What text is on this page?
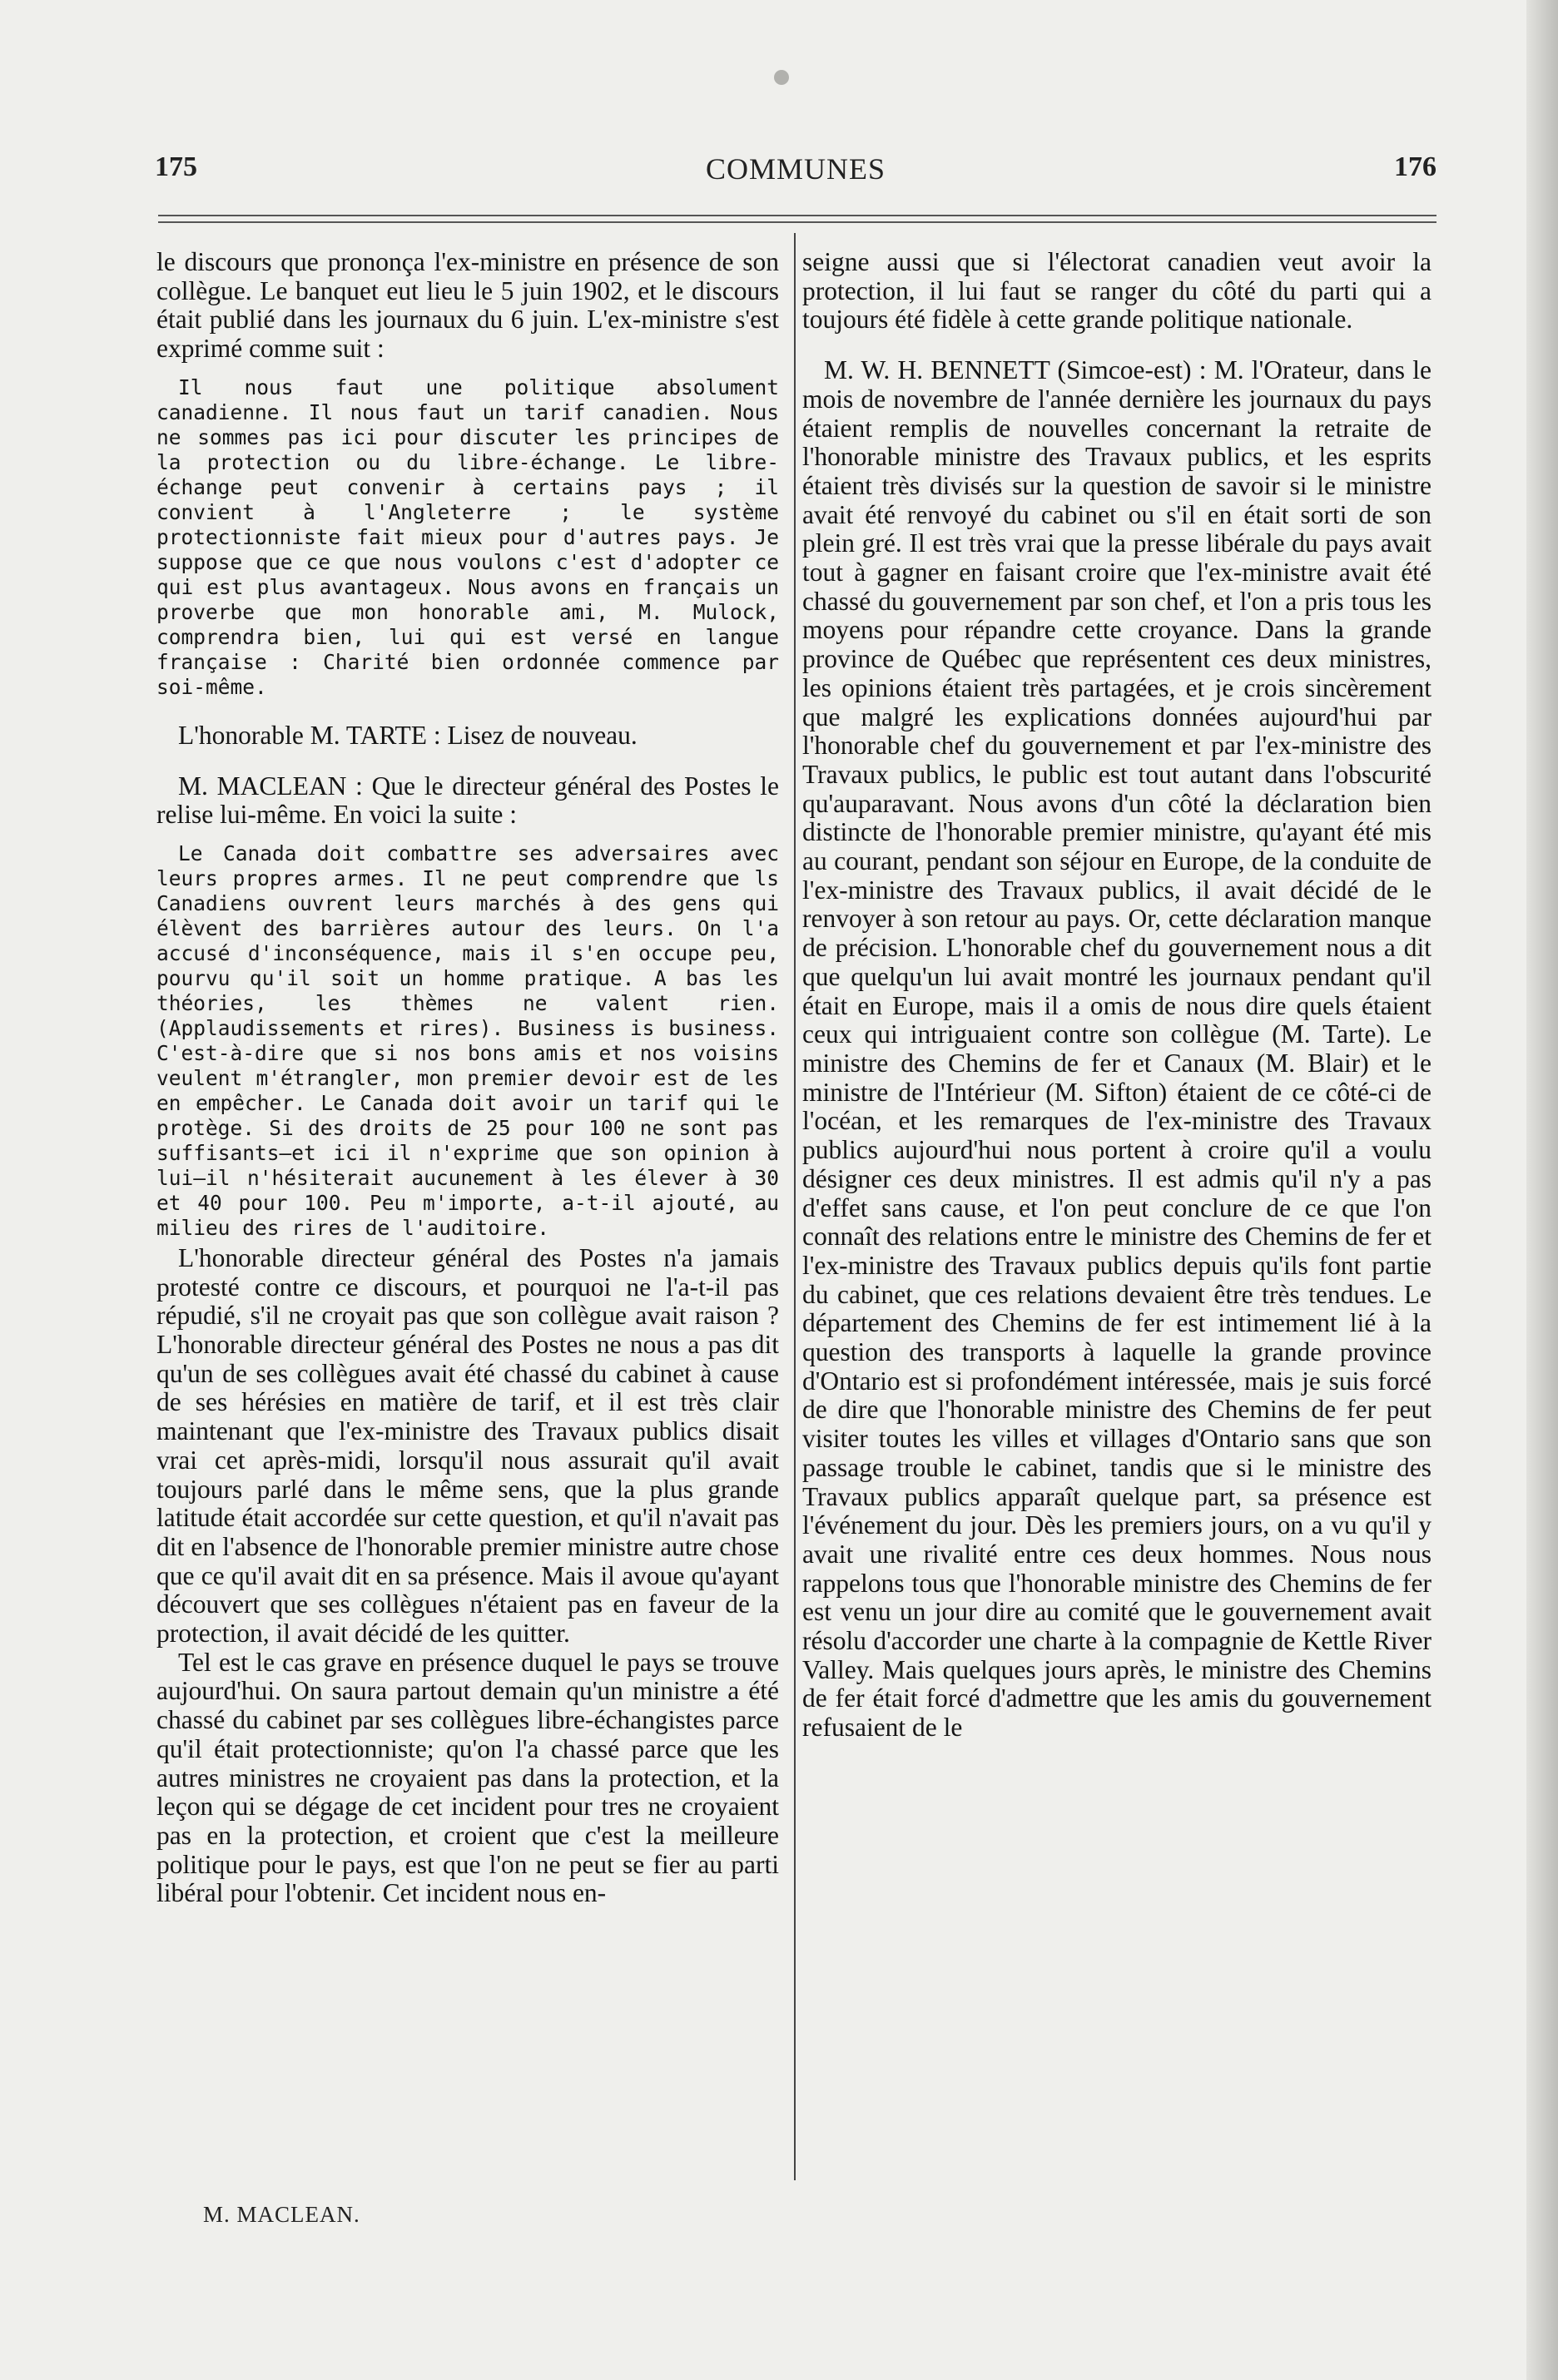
175	COMMUNES	176

le discours que prononça l'ex-ministre en présence de son collègue. Le banquet eut lieu le 5 juin 1902, et le discours était publié dans les journaux du 6 juin. L'ex-ministre s'est exprimé comme suit :

Il nous faut une politique absolument canadienne. Il nous faut un tarif canadien. Nous ne sommes pas ici pour discuter les principes de la protection ou du libre-échange. Le libre-échange peut convenir à certains pays ; il convient à l'Angleterre ; le système protectionniste fait mieux pour d'autres pays. Je suppose que ce que nous voulons c'est d'adopter ce qui est plus avantageux. Nous avons en français un proverbe que mon honorable ami, M. Mulock, comprendra bien, lui qui est versé en langue française : Charité bien ordonnée commence par soi-même.

L'honorable M. TARTE : Lisez de nouveau.

M. MACLEAN : Que le directeur général des Postes le relise lui-même. En voici la suite :

Le Canada doit combattre ses adversaires avec leurs propres armes. Il ne peut comprendre que ls Canadiens ouvrent leurs marchés à des gens qui élèvent des barrières autour des leurs. On l'a accusé d'inconséquence, mais il s'en occupe peu, pourvu qu'il soit un homme pratique. A bas les théories, les thèmes ne valent rien. (Applaudissements et rires). Business is business. C'est-à-dire que si nos bons amis et nos voisins veulent m'étrangler, mon premier devoir est de les en empêcher. Le Canada doit avoir un tarif qui le protège. Si des droits de 25 pour 100 ne sont pas suffisants—et ici il n'exprime que son opinion à lui—il n'hésiterait aucunement à les élever à 30 et 40 pour 100. Peu m'importe, a-t-il ajouté, au milieu des rires de l'auditoire.

L'honorable directeur général des Postes n'a jamais protesté contre ce discours, et pourquoi ne l'a-t-il pas répudié, s'il ne croyait pas que son collègue avait raison ? L'honorable directeur général des Postes ne nous a pas dit qu'un de ses collègues avait été chassé du cabinet à cause de ses hérésies en matière de tarif, et il est très clair maintenant que l'ex-ministre des Travaux publics disait vrai cet après-midi, lorsqu'il nous assurait qu'il avait toujours parlé dans le même sens, que la plus grande latitude était accordée sur cette question, et qu'il n'avait pas dit en l'absence de l'honorable premier ministre autre chose que ce qu'il avait dit en sa présence. Mais il avoue qu'ayant découvert que ses collègues n'étaient pas en faveur de la protection, il avait décidé de les quitter.

Tel est le cas grave en présence duquel le pays se trouve aujourd'hui. On saura partout demain qu'un ministre a été chassé du cabinet par ses collègues libre-échangistes parce qu'il était protectionniste; qu'on l'a chassé parce que les autres ministres ne croyaient pas dans la protection, et la leçon qui se dégage de cet incident pour tres ne croyaient pas en la protection, et croient que c'est la meilleure politique pour le pays, est que l'on ne peut se fier au parti libéral pour l'obtenir. Cet incident nous en-

seigne aussi que si l'électorat canadien veut avoir la protection, il lui faut se ranger du côté du parti qui a toujours été fidèle à cette grande politique nationale.

M. W. H. BENNETT (Simcoe-est) : M. l'Orateur, dans le mois de novembre de l'année dernière les journaux du pays étaient remplis de nouvelles concernant la retraite de l'honorable ministre des Travaux publics, et les esprits étaient très divisés sur la question de savoir si le ministre avait été renvoyé du cabinet ou s'il en était sorti de son plein gré. Il est très vrai que la presse libérale du pays avait tout à gagner en faisant croire que l'ex-ministre avait été chassé du gouvernement par son chef, et l'on a pris tous les moyens pour répandre cette croyance. Dans la grande province de Québec que représentent ces deux ministres, les opinions étaient très partagées, et je crois sincèrement que malgré les explications données aujourd'hui par l'honorable chef du gouvernement et par l'ex-ministre des Travaux publics, le public est tout autant dans l'obscurité qu'auparavant. Nous avons d'un côté la déclaration bien distincte de l'honorable premier ministre, qu'ayant été mis au courant, pendant son séjour en Europe, de la conduite de l'ex-ministre des Travaux publics, il avait décidé de le renvoyer à son retour au pays. Or, cette déclaration manque de précision. L'honorable chef du gouvernement nous a dit que quelqu'un lui avait montré les journaux pendant qu'il était en Europe, mais il a omis de nous dire quels étaient ceux qui intriguaient contre son collègue (M. Tarte). Le ministre des Chemins de fer et Canaux (M. Blair) et le ministre de l'Intérieur (M. Sifton) étaient de ce côté-ci de l'océan, et les remarques de l'ex-ministre des Travaux publics aujourd'hui nous portent à croire qu'il a voulu désigner ces deux ministres. Il est admis qu'il n'y a pas d'effet sans cause, et l'on peut conclure de ce que l'on connaît des relations entre le ministre des Chemins de fer et l'ex-ministre des Travaux publics depuis qu'ils font partie du cabinet, que ces relations devaient être très tendues. Le département des Chemins de fer est intimement lié à la question des transports à laquelle la grande province d'Ontario est si profondément intéressée, mais je suis forcé de dire que l'honorable ministre des Chemins de fer peut visiter toutes les villes et villages d'Ontario sans que son passage trouble le cabinet, tandis que si le ministre des Travaux publics apparaît quelque part, sa présence est l'événement du jour. Dès les premiers jours, on a vu qu'il y avait une rivalité entre ces deux hommes. Nous nous rappelons tous que l'honorable ministre des Chemins de fer est venu un jour dire au comité que le gouvernement avait résolu d'accorder une charte à la compagnie de Kettle River Valley. Mais quelques jours après, le ministre des Chemins de fer était forcé d'admettre que les amis du gouvernement refusaient de le

M. MACLEAN.
